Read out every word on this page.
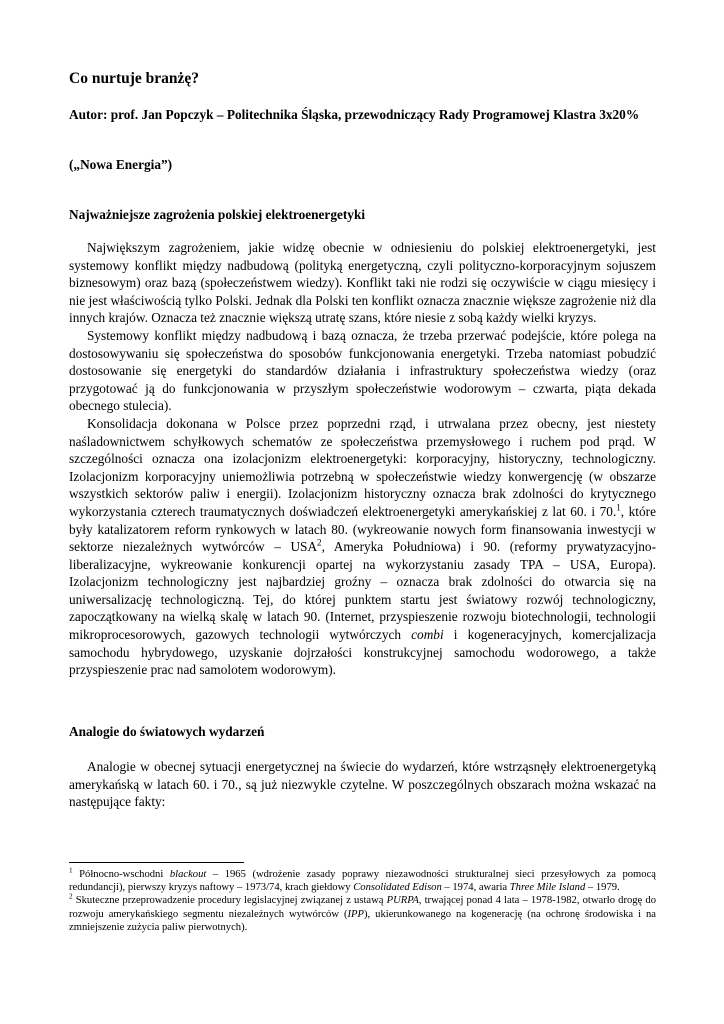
Co nurtuje branżę?

Autor: prof. Jan Popczyk – Politechnika Śląska, przewodniczący Rady Programowej Klastra 3x20%

(„Nowa Energia”)

Najważniejsze zagrożenia polskiej elektroenergetyki

Największym zagrożeniem, jakie widzę obecnie w odniesieniu do polskiej elektroenergetyki, jest systemowy konflikt między nadbudową (polityką energetyczną, czyli polityczno-korporacyjnym sojuszem biznesowym) oraz bazą (społeczeństwem wiedzy). Konflikt taki nie rodzi się oczywiście w ciągu miesięcy i nie jest właściwością tylko Polski. Jednak dla Polski ten konflikt oznacza znacznie większe zagrożenie niż dla innych krajów. Oznacza też znacznie większą utratę szans, które niesie z sobą każdy wielki kryzys.

Systemowy konflikt między nadbudową i bazą oznacza, że trzeba przerwać podejście, które polega na dostosowywaniu się społeczeństwa do sposobów funkcjonowania energetyki. Trzeba natomiast pobudzić dostosowanie się energetyki do standardów działania i infrastruktury społeczeństwa wiedzy (oraz przygotować ją do funkcjonowania w przyszłym społeczeństwie wodorowym – czwarta, piąta dekada obecnego stulecia).

Konsolidacja dokonana w Polsce przez poprzedni rząd, i utrwalana przez obecny, jest niestety naśladownictwem schyłkowych schematów ze społeczeństwa przemysłowego i ruchem pod prąd. W szczególności oznacza ona izolacjonizm elektroenergetyki: korporacyjny, historyczny, technologiczny. Izolacjonizm korporacyjny uniemożliwia potrzebną w społeczeństwie wiedzy konwergencję (w obszarze wszystkich sektorów paliw i energii). Izolacjonizm historyczny oznacza brak zdolności do krytycznego wykorzystania czterech traumatycznych doświadczeń elektroenergetyki amerykańskiej z lat 60. i 70.$^1$, które były katalizatorem reform rynkowych w latach 80. (wykreowanie nowych form finansowania inwestycji w sektorze niezależnych wytwórców – USA$^2$, Ameryka Południowa) i 90. (reformy prywatyzacyjno-liberalizacyjne, wykreowanie konkurencji opartej na wykorzystaniu zasady TPA – USA, Europa). Izolacjonizm technologiczny jest najbardziej groźny – oznacza brak zdolności do otwarcia się na uniwersalizację technologiczną. Tej, do której punktem startu jest światowy rozwój technologiczny, zapoczątkowany na wielką skalę w latach 90. (Internet, przyspieszenie rozwoju biotechnologii, technologii mikroprocesorowych, gazowych technologii wytwórczych combi i kogeneracyjnych, komercjalizacja samochodu hybrydowego, uzyskanie dojrzałości konstrukcyjnej samochodu wodorowego, a także przyspieszenie prac nad samolotem wodorowym).

Analogie do światowych wydarzeń

Analogie w obecnej sytuacji energetycznej na świecie do wydarzeń, które wstrząsnęły elektroenergetyką amerykańską w latach 60. i 70., są już niezwykle czytelne. W poszczególnych obszarach można wskazać na następujące fakty:

$^1$ Północno-wschodni blackout – 1965 (wdrożenie zasady poprawy niezawodności strukturalnej sieci przesyłowych za pomocą redundancji), pierwszy kryzys naftowy – 1973/74, krach giełdowy Consolidated Edison – 1974, awaria Three Mile Island – 1979.

$^2$ Skuteczne przeprowadzenie procedury legislacyjnej związanej z ustawą PURPA, trwającej ponad 4 lata – 1978-1982, otwarło drogę do rozwoju amerykańskiego segmentu niezależnych wytwórców (IPP), ukierunkowanego na kogenerację (na ochronę środowiska i na zmniejszenie zużycia paliw pierwotnych).
